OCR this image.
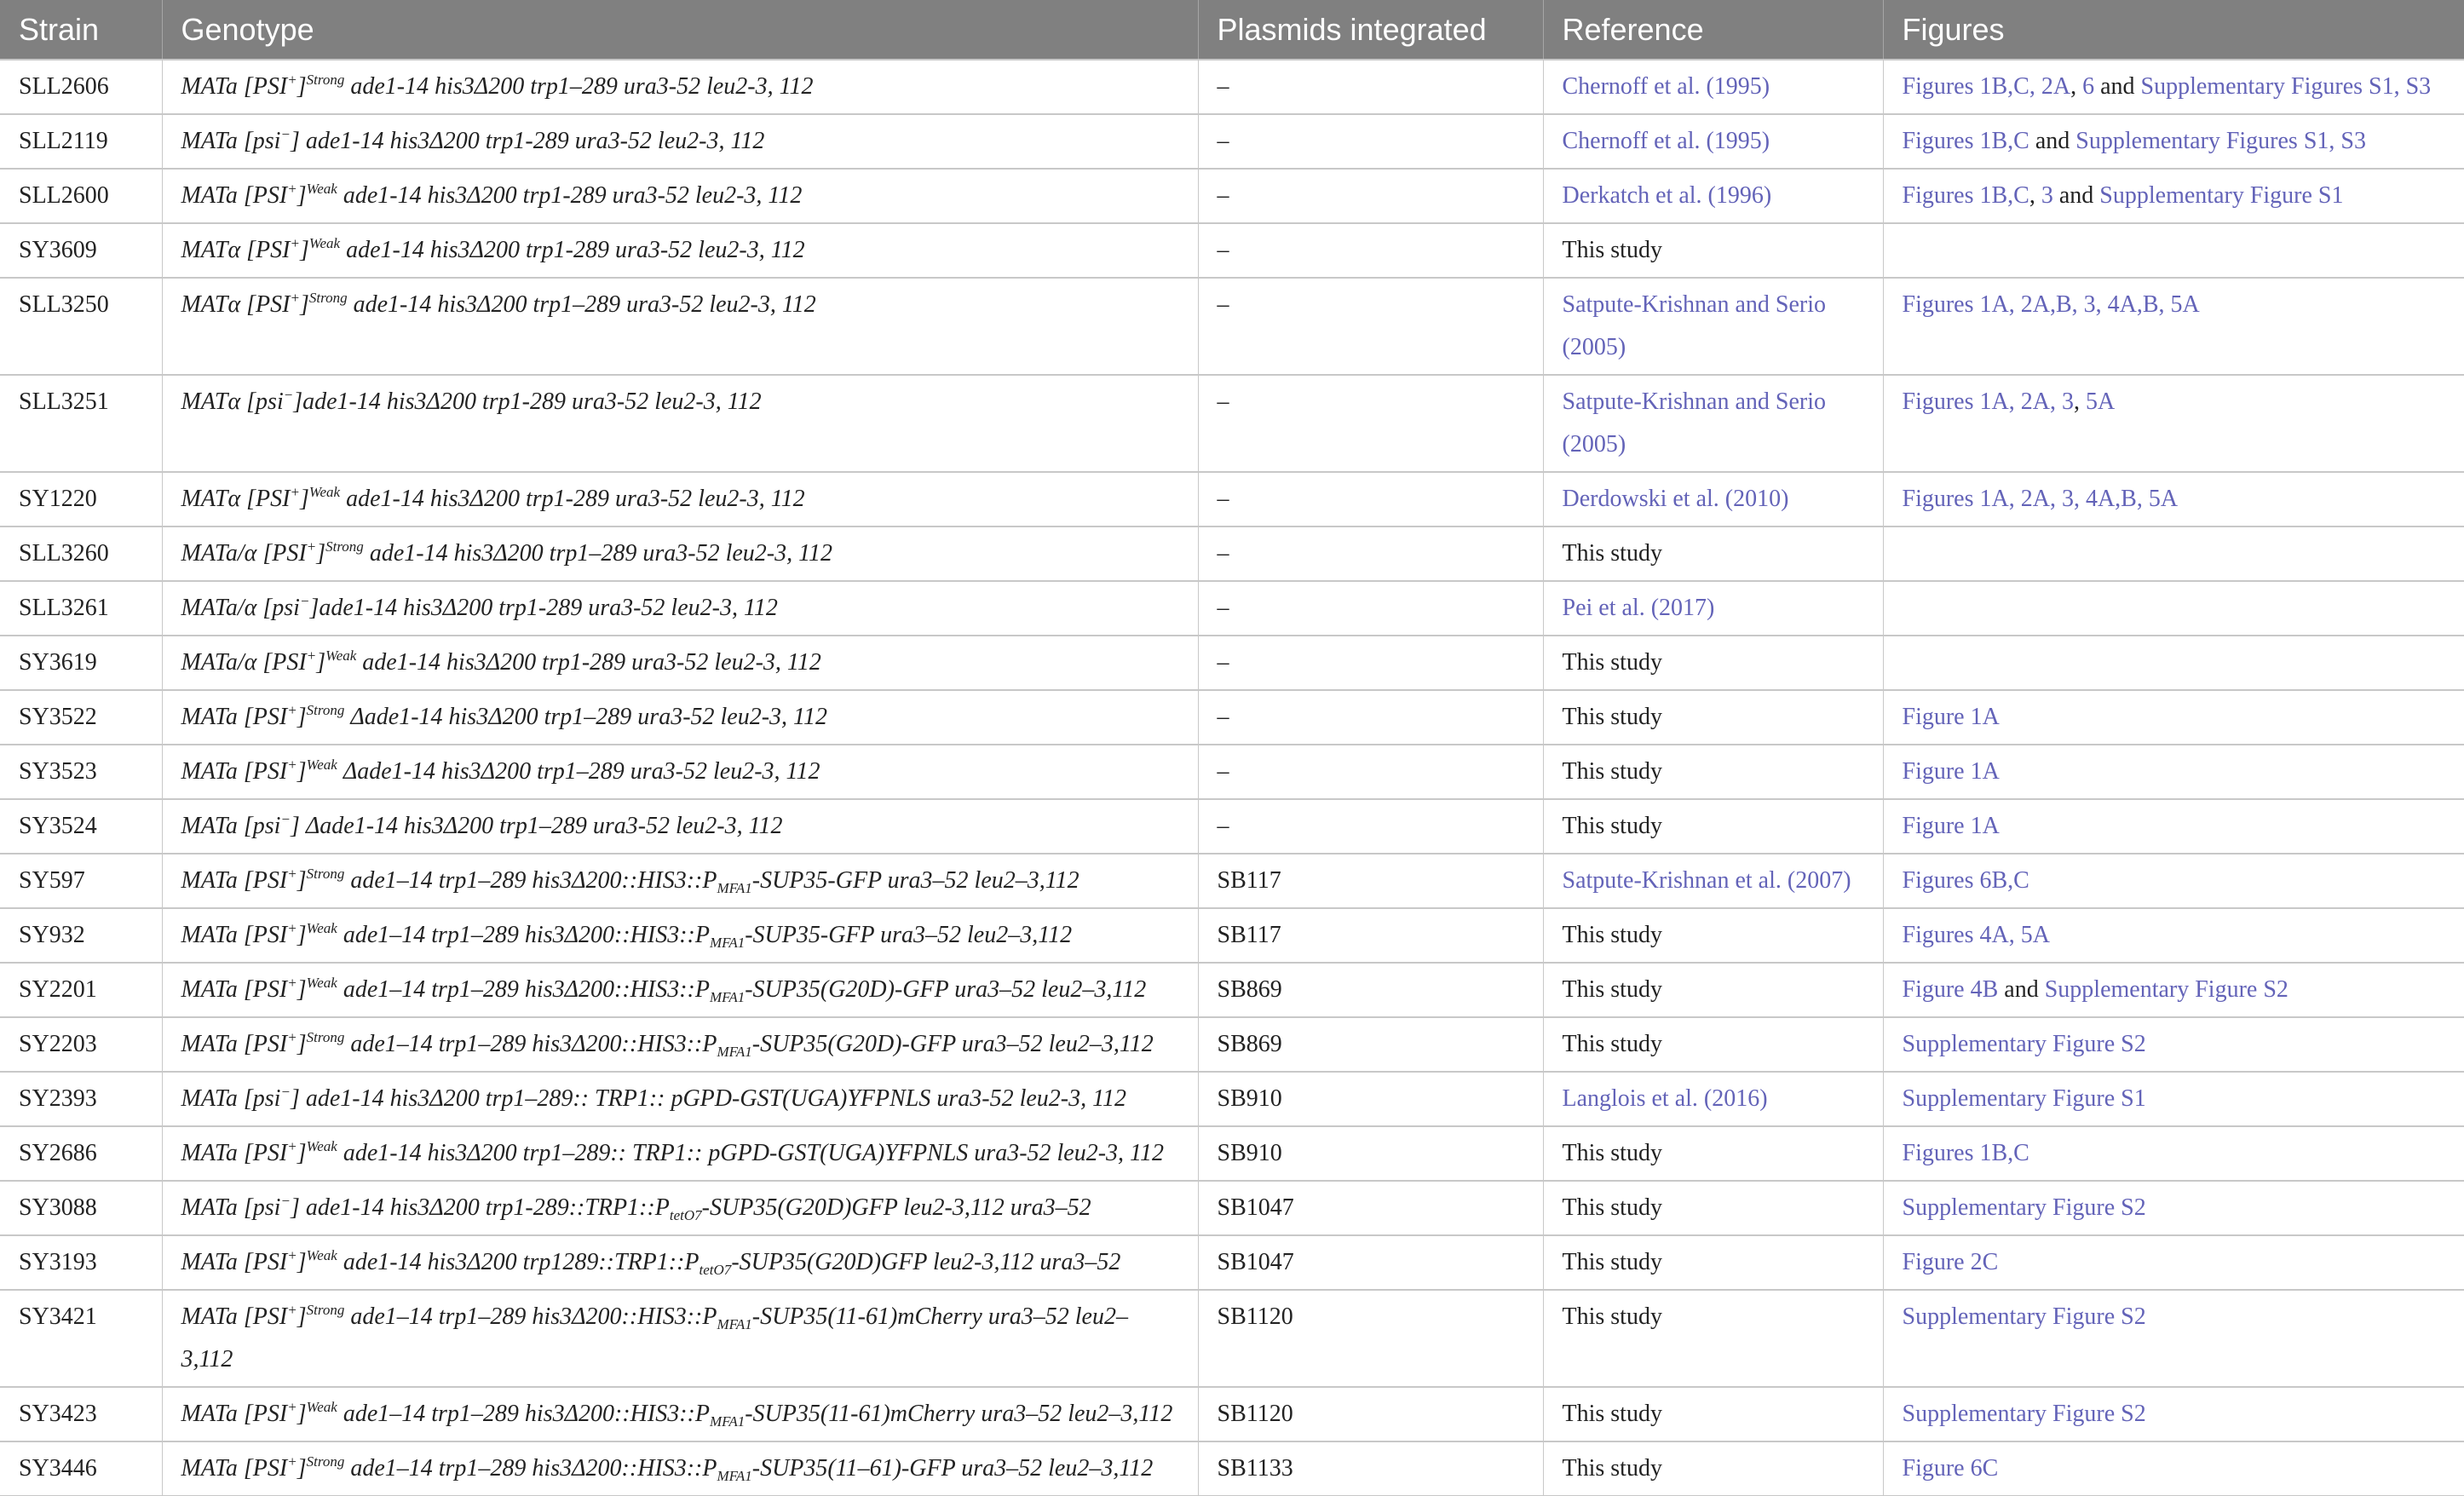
Strain	Genotype	Plasmids integrated	Reference	Figures
SLL2606	MATa $[PSI^+]^{Strong}$ ade1-14 his3Δ200 trp1–289 ura3-52 leu2-3, 112	–	Chernoff et al. (1995)	Figures 1B,C, 2A, 6 and Supplementary Figures S1, S3
SLL2119	MATa [psi−] ade1-14 his3Δ200 trp1-289 ura3-52 leu2-3, 112	–	Chernoff et al. (1995)	Figures 1B,C and Supplementary Figures S1, S3
SLL2600	MATa $[PSI^+]^{Weak}$ ade1-14 his3Δ200 trp1-289 ura3-52 leu2-3, 112	–	Derkatch et al. (1996)	Figures 1B,C, 3 and Supplementary Figure S1
SY3609	MATα $[PSI^+]^{Weak}$ ade1-14 his3Δ200 trp1-289 ura3-52 leu2-3, 112	–	This study	
SLL3250	MATα $[PSI^+]^{Strong}$ ade1-14 his3Δ200 trp1–289 ura3-52 leu2-3, 112	–	Satpute-Krishnan and Serio (2005)	Figures 1A, 2A,B, 3, 4A,B, 5A
SLL3251	MATα [psi−]ade1-14 his3Δ200 trp1-289 ura3-52 leu2-3, 112	–	Satpute-Krishnan and Serio (2005)	Figures 1A, 2A, 3, 5A
SY1220	MATα $[PSI^+]^{Weak}$ ade1-14 his3Δ200 trp1-289 ura3-52 leu2-3, 112	–	Derdowski et al. (2010)	Figures 1A, 2A, 3, 4A,B, 5A
SLL3260	MATa/α $[PSI^+]^{Strong}$ ade1-14 his3Δ200 trp1–289 ura3-52 leu2-3, 112	–	This study	
SLL3261	MATa/α [psi−]ade1-14 his3Δ200 trp1-289 ura3-52 leu2-3, 112	–	Pei et al. (2017)	
SY3619	MATa/α $[PSI^+]^{Weak}$ ade1-14 his3Δ200 trp1-289 ura3-52 leu2-3, 112	–	This study	
SY3522	MATa $[PSI^+]^{Strong}$ Δade1-14 his3Δ200 trp1–289 ura3-52 leu2-3, 112	–	This study	Figure 1A
SY3523	MATa $[PSI^+]^{Weak}$ Δade1-14 his3Δ200 trp1–289 ura3-52 leu2-3, 112	–	This study	Figure 1A
SY3524	MATa [psi−] Δade1-14 his3Δ200 trp1–289 ura3-52 leu2-3, 112	–	This study	Figure 1A
SY597	MATa $[PSI^+]^{Strong}$ ade1–14 trp1–289 $his3\Delta 200::HIS3::P_{MFA1}-SUP35$-GFP ura3–52 leu2–3,112	SB117	Satpute-Krishnan et al. (2007)	Figures 6B,C
SY932	MATa $[PSI^+]^{Weak}$ ade1–14 trp1–289 $his3\Delta 200::HIS3::P_{MFA1}-SUP35$-GFP ura3–52 leu2–3,112	SB117	This study	Figures 4A, 5A
SY2201	MATa $[PSI^+]^{Weak}$ ade1–14 trp1–289 $his3\Delta 200::HIS3::P_{MFA1}-SUP35(G20D)$-GFP ura3–52 leu2–3,112	SB869	This study	Figure 4B and Supplementary Figure S2
SY2203	MATa $[PSI^+]^{Strong}$ ade1–14 trp1–289 $his3\Delta 200::HIS3::P_{MFA1}-SUP35(G20D)$-GFP ura3–52 leu2–3,112	SB869	This study	Supplementary Figure S2
SY2393	MATa [psi−] ade1-14 his3Δ200 trp1–289:: TRP1:: pGPD-GST(UGA)YFPNLS ura3-52 leu2-3, 112	SB910	Langlois et al. (2016)	Supplementary Figure S1
SY2686	MATa $[PSI^+]^{Weak}$ ade1-14 his3Δ200 trp1–289:: TRP1:: pGPD-GST(UGA)YFPNLS ura3-52 leu2-3, 112	SB910	This study	Figures 1B,C
SY3088	MATa [psi−] ade1-14 his3Δ200 $trp1-289::TRP1::P_{tetO7}-SUP35(G20D)GFP$ leu2-3,112 ura3–52	SB1047	This study	Supplementary Figure S2
SY3193	MATa $[PSI^+]^{Weak}$ ade1-14 his3Δ200 $trp1289::TRP1::P_{tetO7}-SUP35(G20D)GFP$ leu2-3,112 ura3–52	SB1047	This study	Figure 2C
SY3421	MATa $[PSI^+]^{Strong}$ ade1–14 trp1–289 $his3\Delta 200::HIS3::P_{MFA1}-SUP35(11-61)mCherry$ ura3–52 leu2–3,112	SB1120	This study	Supplementary Figure S2
SY3423	MATa $[PSI^+]^{Weak}$ ade1–14 trp1–289 $his3\Delta 200::HIS3::P_{MFA1}-SUP35(11-61)mCherry$ ura3–52 leu2–3,112	SB1120	This study	Supplementary Figure S2
SY3446	MATa $[PSI^+]^{Strong}$ ade1–14 trp1–289 $his3\Delta 200::HIS3::P_{MFA1}-SUP35(11-61)$-GFP ura3–52 leu2–3,112	SB1133	This study	Figure 6C
